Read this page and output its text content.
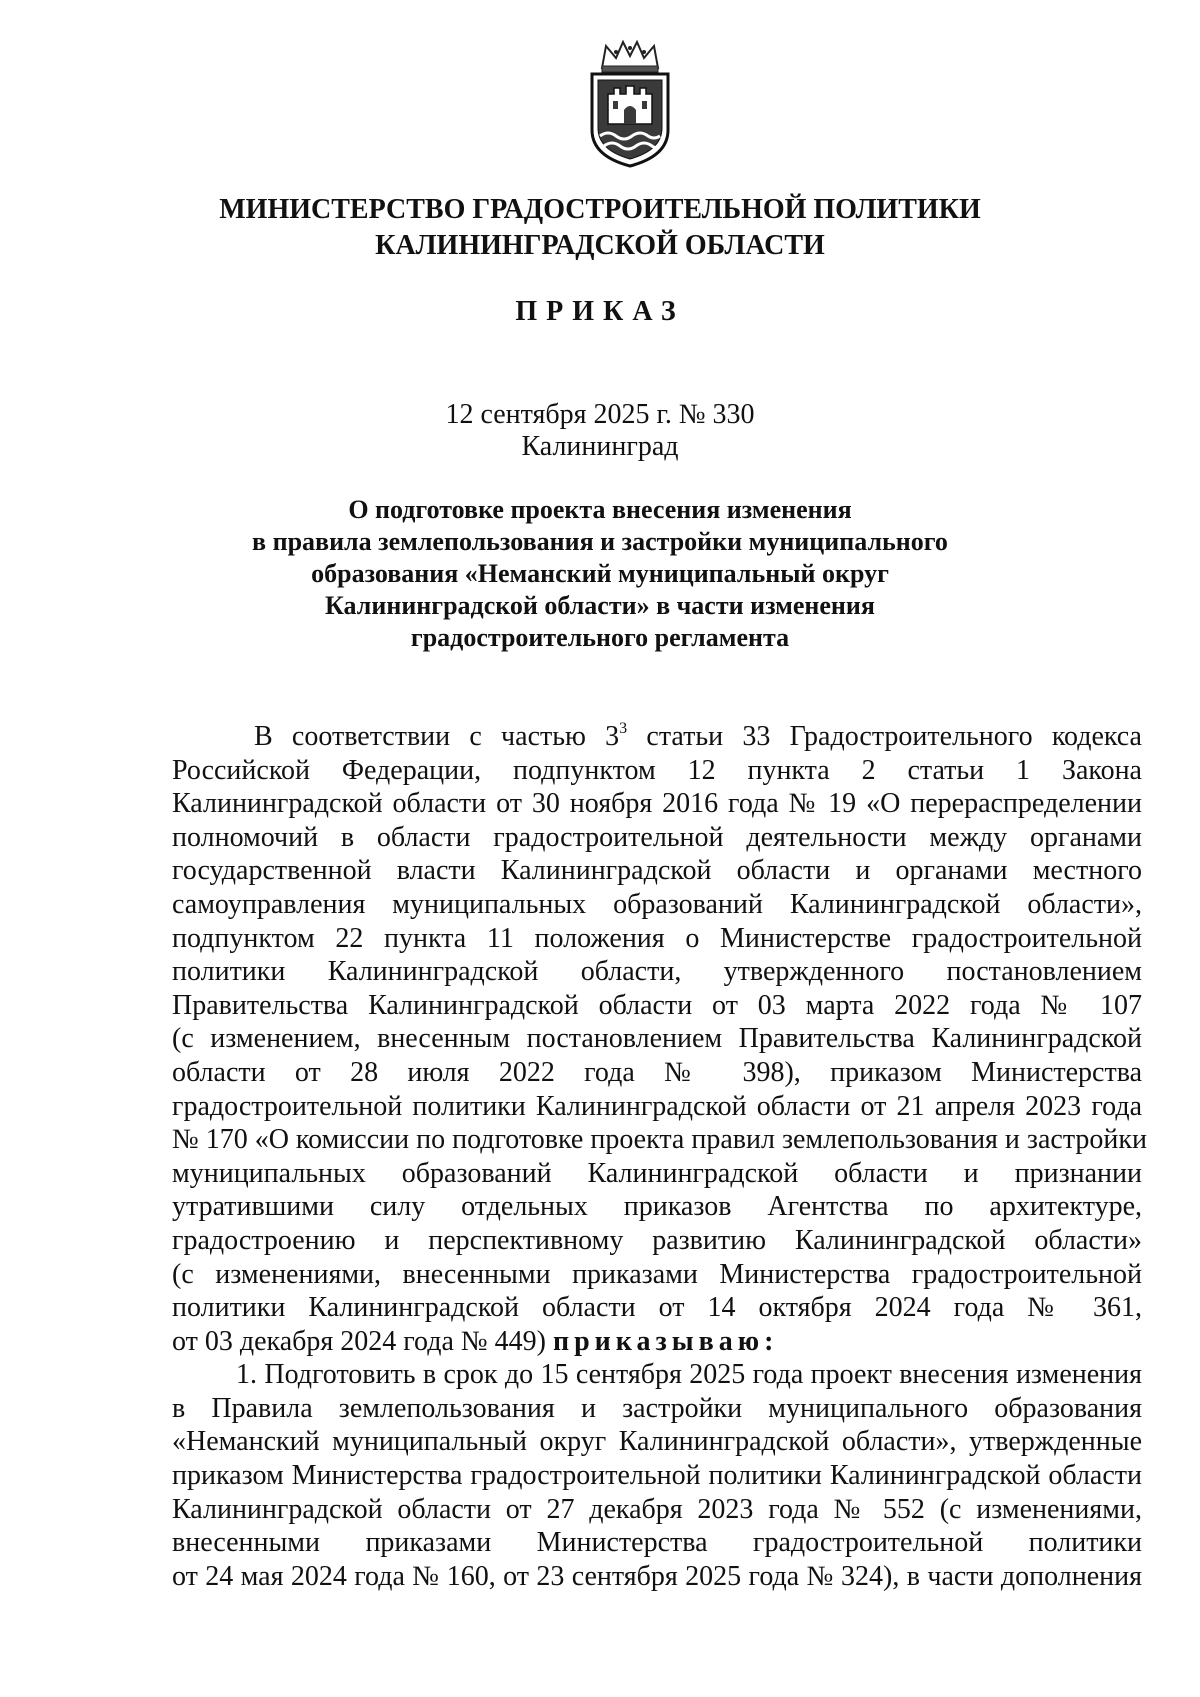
МИНИСТЕРСТВО ГРАДОСТРОИТЕЛЬНОЙ ПОЛИТИКИ
КАЛИНИНГРАДСКОЙ ОБЛАСТИ
ПРИКАЗ
12 сентября 2025 г. № 330
Калининград
О подготовке проекта внесения изменения
в правила землепользования и застройки муниципального
образования «Неманский муниципальный округ
Калининградской области» в части изменения
градостроительного регламента
В соответствии с частью $3^3$ статьи 33 Градостроительного кодекса
Российской Федерации, подпунктом 12 пункта 2 статьи 1 Закона
Калининградской области от 30 ноября 2016 года № 19 «О перераспределении
полномочий в области градостроительной деятельности между органами
государственной власти Калининградской области и органами местного
самоуправления муниципальных образований Калининградской области»,
подпунктом 22 пункта 11 положения о Министерстве градостроительной
политики Калининградской области, утвержденного постановлением
Правительства Калининградской области от 03 марта 2022 года № 107
(с изменением, внесенным постановлением Правительства Калининградской
области от 28 июля 2022 года № 398), приказом Министерства
градостроительной политики Калининградской области от 21 апреля 2023 года
№ 170 «О комиссии по подготовке проекта правил землепользования и застройки
муниципальных образований Калининградской области и признании
утратившими силу отдельных приказов Агентства по архитектуре,
градостроению и перспективному развитию Калининградской области»
(с изменениями, внесенными приказами Министерства градостроительной
политики Калининградской области от 14 октября 2024 года № 361,
от 03 декабря 2024 года № 449) приказываю:
1. Подготовить в срок до 15 сентября 2025 года проект внесения изменения
в Правила землепользования и застройки муниципального образования
«Неманский муниципальный округ Калининградской области», утвержденные
приказом Министерства градостроительной политики Калининградской области
Калининградской области от 27 декабря 2023 года № 552 (с изменениями,
внесенными приказами Министерства градостроительной политики
от 24 мая 2024 года № 160, от 23 сентября 2025 года № 324), в части дополнения
